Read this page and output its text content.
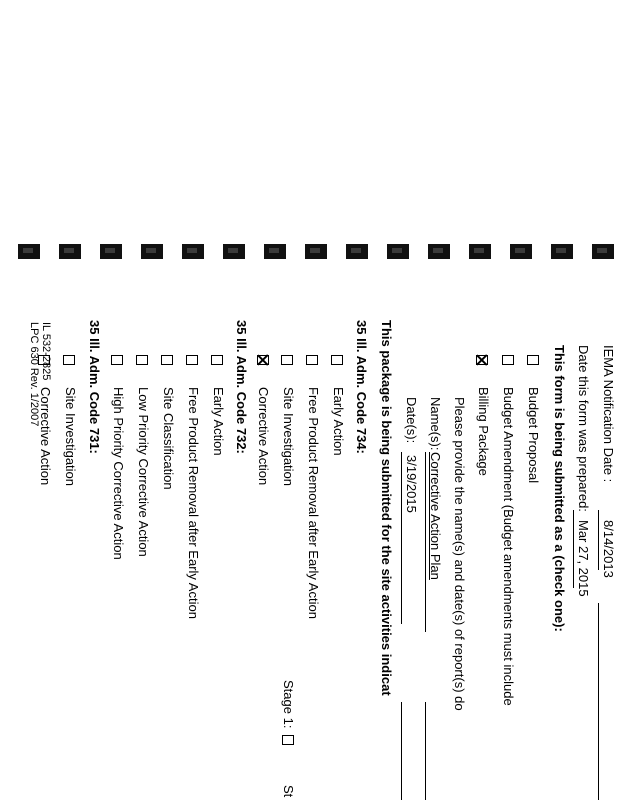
IEMA Notification Date :
8/14/2013
Date this form was prepared:
Mar 27, 2015
This form is being submitted as a (check one):
Budget Proposal
Budget Amendment (Budget amendments must include
Billing Package
Please provide the name(s) and date(s) of report(s) do
Name(s):
Corrective Action Plan
Date(s):
3/19/2015
This package is being submitted for the site activities indicat
35 Ill. Adm. Code 734:
Early Action
Free Product Removal after Early Action
Site Investigation
Stage 1:
St
Corrective Action
35 Ill. Adm. Code 732:
Early Action
Free Product Removal after Early Action
Site Classification
Low Priority Corrective Action
High Priority Corrective Action
35 Ill. Adm. Code 731:
Site Investigation
Corrective Action
IL 532-2825
LPC 630 Rev. 1/2007
